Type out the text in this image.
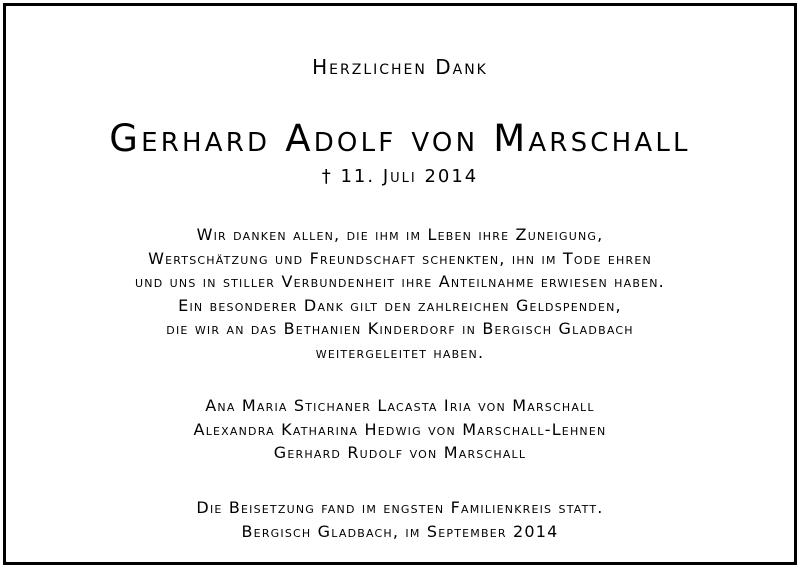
Herzlichen Dank
Gerhard Adolf von Marschall
† 11. Juli 2014
Wir danken allen, die ihm im Leben ihre Zuneigung,
Wertschätzung und Freundschaft schenkten, ihn im Tode ehren
und uns in stiller Verbundenheit ihre Anteilnahme erwiesen haben.
Ein besonderer Dank gilt den zahlreichen Geldspenden,
die wir an das Bethanien Kinderdorf in Bergisch Gladbach
weitergeleitet haben.
Ana Maria Stichaner Lacasta Iria von Marschall
Alexandra Katharina Hedwig von Marschall-Lehnen
Gerhard Rudolf von Marschall
Die Beisetzung fand im engsten Familienkreis statt.
Bergisch Gladbach, im September 2014
